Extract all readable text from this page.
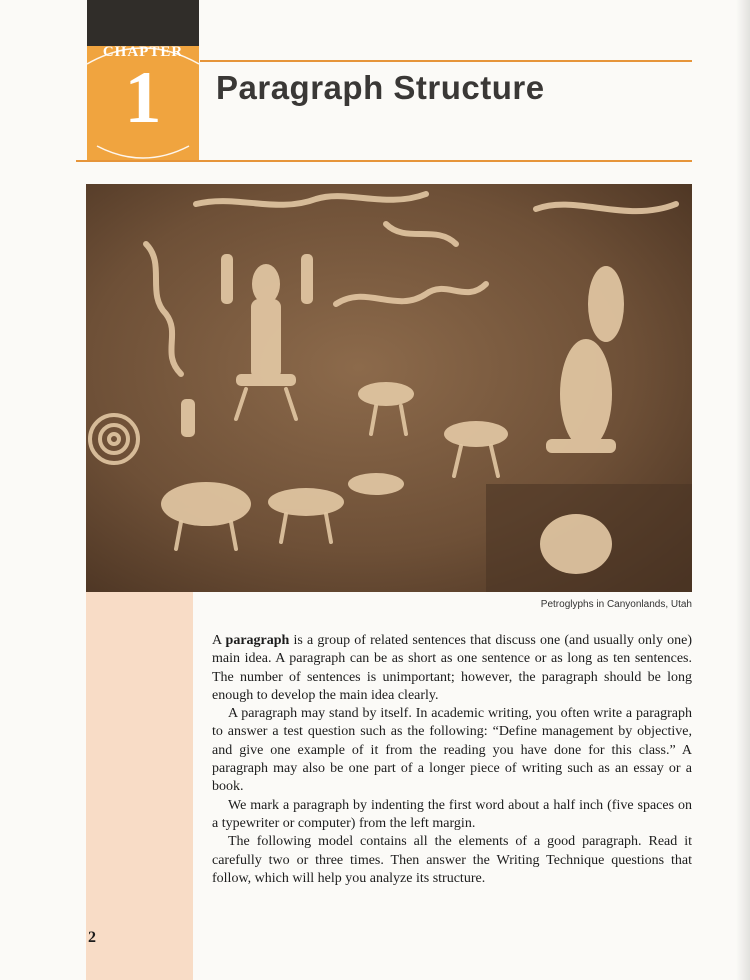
CHAPTER
1	Paragraph Structure
Petroglyphs in Canyonlands, Utah

A paragraph is a group of related sentences that discuss one (and usually only one) main idea. A paragraph can be as short as one sentence or as long as ten sentences. The number of sentences is unimportant; however, the paragraph should be long enough to develop the main idea clearly.

A paragraph may stand by itself. In academic writing, you often write a paragraph to answer a test question such as the following: “Define management by objective, and give one example of it from the reading you have done for this class.” A paragraph may also be one part of a longer piece of writing such as an essay or a book.

We mark a paragraph by indenting the first word about a half inch (five spaces on a typewriter or computer) from the left margin.

The following model contains all the elements of a good paragraph. Read it carefully two or three times. Then answer the Writing Technique questions that follow, which will help you analyze its structure.

2
